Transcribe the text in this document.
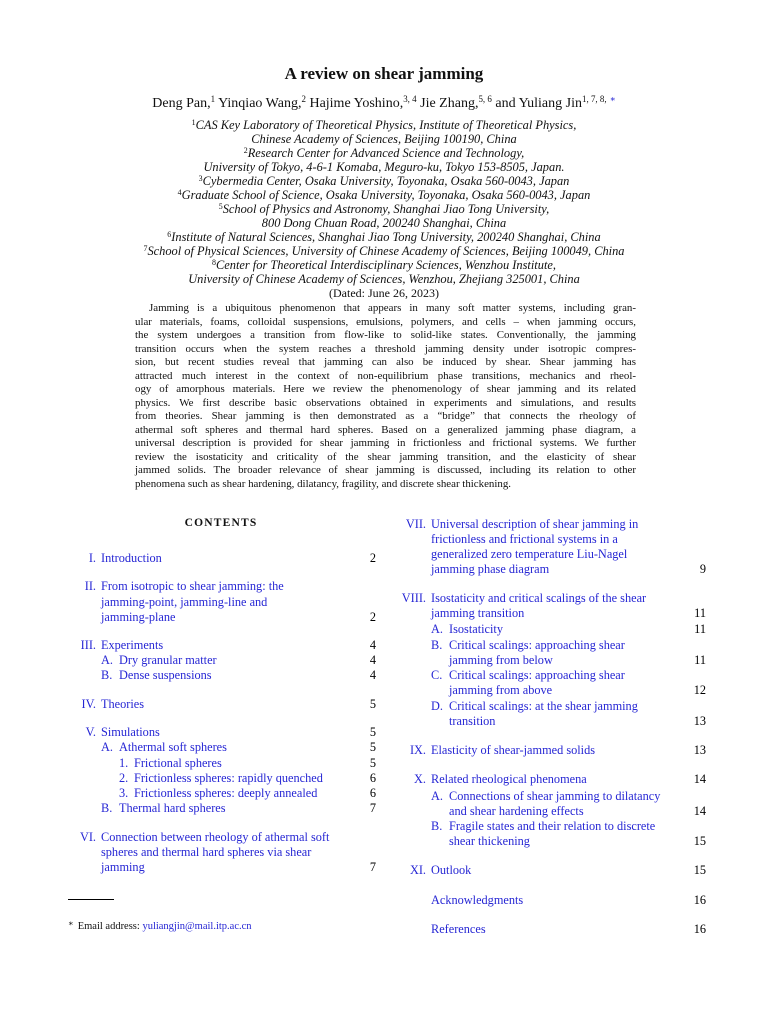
A review on shear jamming
Deng Pan,$^1$ Yinqiao Wang,$^2$ Hajime Yoshino,$^{3, 4}$ Jie Zhang,$^{5, 6}$ and Yuliang Jin$^{1, 7, 8,}$ ∗
$^1$CAS Key Laboratory of Theoretical Physics, Institute of Theoretical Physics,
Chinese Academy of Sciences, Beijing 100190, China
$^2$Research Center for Advanced Science and Technology,
University of Tokyo, 4-6-1 Komaba, Meguro-ku, Tokyo 153-8505, Japan.
$^3$Cybermedia Center, Osaka University, Toyonaka, Osaka 560-0043, Japan
$^4$Graduate School of Science, Osaka University, Toyonaka, Osaka 560-0043, Japan
$^5$School of Physics and Astronomy, Shanghai Jiao Tong University,
800 Dong Chuan Road, 200240 Shanghai, China
$^6$Institute of Natural Sciences, Shanghai Jiao Tong University, 200240 Shanghai, China
$^7$School of Physical Sciences, University of Chinese Academy of Sciences, Beijing 100049, China
$^8$Center for Theoretical Interdisciplinary Sciences, Wenzhou Institute,
University of Chinese Academy of Sciences, Wenzhou, Zhejiang 325001, China
(Dated: June 26, 2023)
Jamming is a ubiquitous phenomenon that appears in many soft matter systems, including gran-
ular materials, foams, colloidal suspensions, emulsions, polymers, and cells – when jamming occurs,
the system undergoes a transition from flow-like to solid-like states. Conventionally, the jamming
transition occurs when the system reaches a threshold jamming density under isotropic compres-
sion, but recent studies reveal that jamming can also be induced by shear. Shear jamming has
attracted much interest in the context of non-equilibrium phase transitions, mechanics and rheol-
ogy of amorphous materials. Here we review the phenomenology of shear jamming and its related
physics. We first describe basic observations obtained in experiments and simulations, and results
from theories. Shear jamming is then demonstrated as a “bridge” that connects the rheology of
athermal soft spheres and thermal hard spheres. Based on a generalized jamming phase diagram, a
universal description is provided for shear jamming in frictionless and frictional systems. We further
review the isostaticity and criticality of the shear jamming transition, and the elasticity of shear
jammed solids. The broader relevance of shear jamming is discussed, including its relation to other
phenomena such as shear hardening, dilatancy, fragility, and discrete shear thickening.
CONTENTS
I. Introduction	2
II. From isotropic to shear jamming: the
jamming-point, jamming-line and
jamming-plane	2
III. Experiments	4
A. Dry granular matter	4
B. Dense suspensions	4
IV. Theories	5
V. Simulations	5
A. Athermal soft spheres	5
1. Frictional spheres	5
2. Frictionless spheres: rapidly quenched	6
3. Frictionless spheres: deeply annealed	6
B. Thermal hard spheres	7
VI. Connection between rheology of athermal soft
spheres and thermal hard spheres via shear
jamming	7
VII. Universal description of shear jamming in
frictionless and frictional systems in a
generalized zero temperature Liu-Nagel
jamming phase diagram	9
VIII. Isostaticity and critical scalings of the shear
jamming transition	11
A. Isostaticity	11
B. Critical scalings: approaching shear
jamming from below	11
C. Critical scalings: approaching shear
jamming from above	12
D. Critical scalings: at the shear jamming
transition	13
IX. Elasticity of shear-jammed solids	13
X. Related rheological phenomena	14
A. Connections of shear jamming to dilatancy
and shear hardening effects	14
B. Fragile states and their relation to discrete
shear thickening	15
XI. Outlook	15
Acknowledgments	16
References	16
∗ Email address: yuliangjin@mail.itp.ac.cn
